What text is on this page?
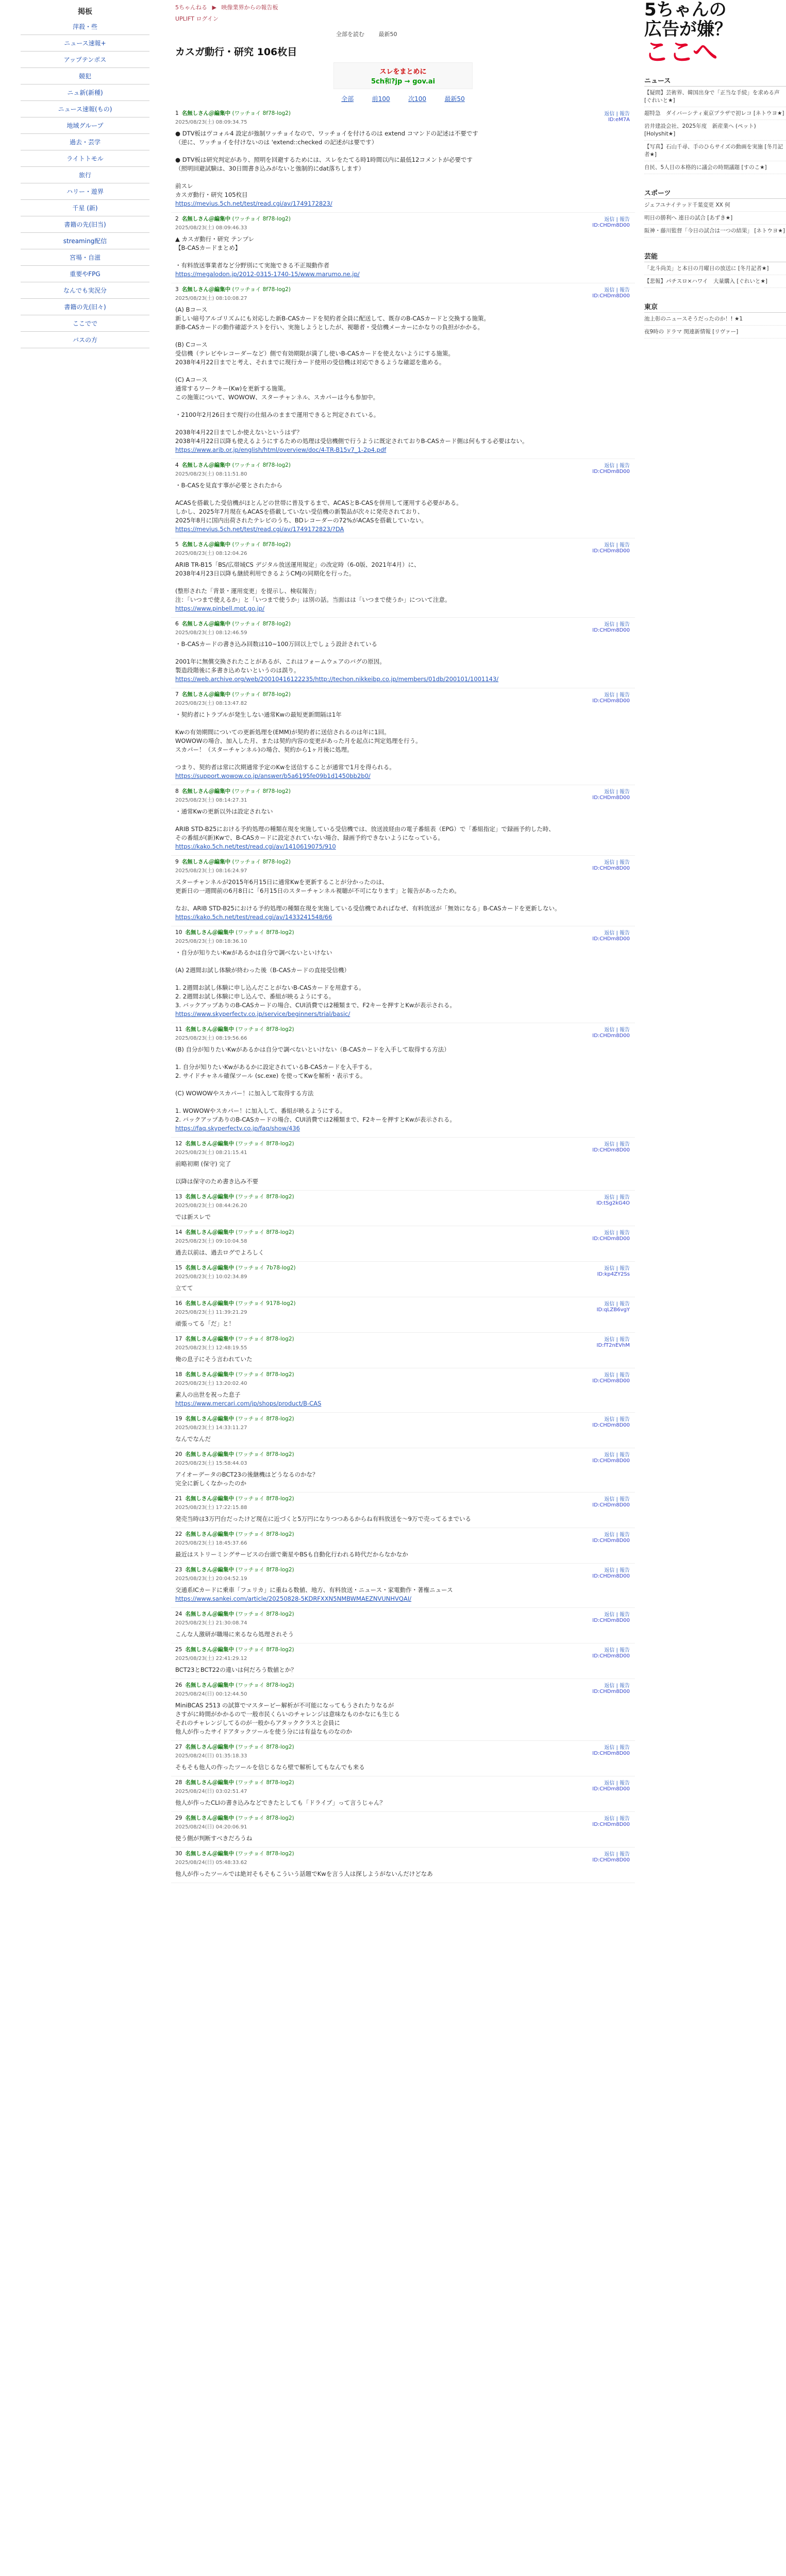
掲板
萍殺・些
ニュース速報+
アップテンポス
競犯
ニュ新(新種)
ニュース速報(もの)
地域グループ
過去・芸学
ライトトモル
旅行
ハリー・遊界
千星 (新)
書籍の先(旧当)
streaming配信
宮場・自滋
重要やFPG
なんでも実況分
書籍の先(旧々)
ここでで
バスの方
5ちゃんねる ▶ 映像業界からの報告板
UPLIFT ログイン
全部を読む	最新50
カスガ動行・研究 106枚目
スレをまとめに
5ch和?jp → gov.ai
全部	前100	次100	最新50
1 名無しさん＠編集中 (ワッチョイ 8f78-log2)
2025/08/23(土) 08:09:34.75
返信 | 報告
ID:eM7A
● DTV板はヴコォル4 設定が強制ワッチョイなので、ワッチョイを付けるのは extend コマンドの記述は不要です
（逆に、ワッチョイを付けないのは 'extend::checked の記述がは要です）

● DTV板は研究判定があり、照明を回避するためには、スレをたてる時1時間以内に最低12コメントが必要です
（照明回避試験は、30日間書き込みがないと強制的にdat落ちします）

前スレ
カスガ動行・研究 105枚目
https://mevius.5ch.net/test/read.cgi/av/1749172823/
2 名無しさん＠編集中 (ワッチョイ 8f78-log2)
2025/08/23(土) 08:09:46.33
返信 | 報告
ID:CHDm8D00
▲ カスガ動行・研究 テンプレ
【B-CASカードまとめ】

・有料放送事業者など分野別にて実施できる不正規動作者
https://megalodon.jp/2012-0315-1740-15/www.marumo.ne.jp/
3 名無しさん＠編集中 (ワッチョイ 8f78-log2)
2025/08/23(土) 08:10:08.27
返信 | 報告
ID:CHDm8D00
(A) Bコース
新しい暗号アルゴリズムにも対応した新B-CASカードを契約者全員に配送して、既存のB-CASカードと交換する施策。
新B-CASカードの動作確認テストを行い、実施しようとしたが、視聴者・受信機メーカーにかなりの負担がかかる。

(B) Cコース
受信機（テレビやレコーダーなど）側で有効期限が満了し使いB-CASカードを使えないようにする施策。
2038年4月22日までと考え、それまでに現行カード使用の受信機は対応できるような確認を進める。

(C) Aコース
通常するワークキー(Kw)を更新する施策。
この施策について、WOWOW、スターチャンネル、スカパーは今も参加中。

・2100年2月26日まで現行の仕組みのままで運用できると判定されている。

2038年4月22日までしか使えないというはず？
2038年4月22日以降も使えるようにするための処理は受信機側で行うように既定されておりB-CASカード側は何もする必要はない。
https://www.arib.or.jp/english/html/overview/doc/4-TR-B15v7_1-2p4.pdf
4 名無しさん＠編集中 (ワッチョイ 8f78-log2)
2025/08/23(土) 08:11:51.80
返信 | 報告
ID:CHDm8D00
・B-CASを見直す事が必要とされたから

ACASを搭載した受信機がほとんどの世帯に普及するまで、ACASとB-CASを併用して運用する必要がある。
しかし、2025年7月現在もACASを搭載していない受信機の新製品が次々に発売されており、
2025年8月に国内出荷されたテレビのうち、BDレコーダーの72%がACASを搭載していない。
https://mevius.5ch.net/test/read.cgi/av/1749172823/?DA
5 名無しさん＠編集中 (ワッチョイ 8f78-log2)
2025/08/23(土) 08:12:04.26
返信 | 報告
ID:CHDm8D00
ARIB TR-B15「BS/広帯域CS デジタル放送運用規定」の改定時（6-0版、2021年4月）に、
2038年4月23日以降も継続利用できるようCMJの同期化を行った。

(整形された「背景・運用変更」を提示し、検収報告」
注：「いつまで使えるか」と「いつまで使うか」は別の話。当面はは「いつまで使うか」について注意。
https://www.pinbell.mpt.go.jp/
6 名無しさん＠編集中 (ワッチョイ 8f78-log2)
2025/08/23(土) 08:12:46.59
返信 | 報告
ID:CHDm8D00
・B-CASカードの書き込み回数は10~100万回以上でしょう設計されている

2001年に無償交換されたことがあるが、これはフォームウェアのバグの原因。
製造段階後に多書き込めないというのは誤り。
https://web.archive.org/web/20010416122235/http://techon.nikkeibp.co.jp/members/01db/200101/1001143/
7 名無しさん＠編集中 (ワッチョイ 8f78-log2)
2025/08/23(土) 08:13:47.82
返信 | 報告
ID:CHDm8D00
・契約者にトラブルが発生しない通常Kwの最短更新間隔は1年

Kwの有効期間についての更新処理を(EMM)が契約者に送信されるのは年に1回。
WOWOWの場合、加入した月、または契約内容の変更があった月を起点に判定処理を行う。
スカパー！（スターチャンネル)の場合、契約から1ヶ月後に処理。

つまり、契約者は常に次期通常予定のKwを送信することが通常で1月を得られる。
https://support.wowow.co.jp/answer/b5a6195fe09b1d1450bb2b0/
8 名無しさん＠編集中 (ワッチョイ 8f78-log2)
2025/08/23(土) 08:14:27.31
返信 | 報告
ID:CHDm8D00
・通常Kwの更新以外は設定されない

ARIB STD-B25における予約処理の種類在現を実施している受信機では、放送波経由の電子番組表（EPG）で「番組指定」で録画予約した時、
その番組が(新)Kwで、B-CASカードに設定されていない場合、録画予約できないようになっている。
https://kako.5ch.net/test/read.cgi/av/1410619075/910
9 名無しさん＠編集中 (ワッチョイ 8f78-log2)
2025/08/23(土) 08:16:24.97
返信 | 報告
ID:CHDm8D00
スターチャンネルが2015年6月15日に通常Kwを更新することが分かったのは、
更新日の一週間前の6月8日に「6月15日のスターチャンネル視聴が不可になります」と報告があったため。

なお、ARIB STD-B25における予約処理の種類在現を実施している受信機であればなぜ、有料放送が「無効になる」B-CASカードを更新しない。
https://kako.5ch.net/test/read.cgi/av/1433241548/66
10 名無しさん＠編集中 (ワッチョイ 8f78-log2)
2025/08/23(土) 08:18:36.10
返信 | 報告
ID:CHDm8D00
・自分が知りたいKwがあるかは自分で調べないといけない

(A) 2週間お試し体験が終わった後（B-CASカードの直接受信機）

1. 2週間お試し体験に申し込んだことがないB-CASカードを用意する。
2. 2週間お試し体験に申し込んで、番組が映るようにする。
3. バックアップありのB-CASカードの場合、CUI消費では2種類まで、F2キーを押すとKwが表示される。
https://www.skyperfectv.co.jp/service/beginners/trial/basic/
11 名無しさん＠編集中 (ワッチョイ 8f78-log2)
2025/08/23(土) 08:19:56.66
返信 | 報告
ID:CHDm8D00
(B) 自分が知りたいKwがあるかは自分で調べないといけない（B-CASカードを入手して取得する方法）

1. 自分が知りたいKwがあるかに設定されているB-CASカードを入手する。
2. サイドチャネル確保ツール (sc.exe) を使ってKwを解析・表示する。

(C) WOWOWやスカパー！に加入して取得する方法

1. WOWOWやスカパー！に加入して、番組が映るようにする。
2. バックアップありのB-CASカードの場合、CUI消費では2種類まで、F2キーを押すとKwが表示される。
https://faq.skyperfectv.co.jp/faq/show/436
12 名無しさん＠編集中 (ワッチョイ 8f78-log2)
2025/08/23(土) 08:21:15.41
返信 | 報告
ID:CHDm8D00
前略初期 (保守) 完了

以降は保守のため書き込み不要
13 名無しさん＠編集中 (ワッチョイ 8f78-log2)
2025/08/23(土) 08:44:26.20
返信 | 報告
ID:tSg2kG4O
では新スレで
14 名無しさん＠編集中 (ワッチョイ 8f78-log2)
2025/08/23(土) 09:10:04.58
返信 | 報告
ID:CHDm8D00
過去以前は、過去ログでよろしく
15 名無しさん＠編集中 (ワッチョイ 7b78-log2)
2025/08/23(土) 10:02:34.89
返信 | 報告
ID:kp4ZY2Ss
立てて
16 名無しさん＠編集中 (ワッチョイ 9178-log2)
2025/08/23(土) 11:39:21.29
返信 | 報告
ID:qLZB6vgY
頑張ってる「だ」と！
17 名無しさん＠編集中 (ワッチョイ 8f78-log2)
2025/08/23(土) 12:48:19.55
返信 | 報告
ID:fT2nEVhM
俺の息子にそう言われていた
18 名無しさん＠編集中 (ワッチョイ 8f78-log2)
2025/08/23(土) 13:20:02.40
返信 | 報告
ID:CHDm8D00
素人の出世を祝った息子
https://www.mercari.com/jp/shops/product/B-CAS
19 名無しさん＠編集中 (ワッチョイ 8f78-log2)
2025/08/23(土) 14:33:11.27
返信 | 報告
ID:CHDm8D00
なんでなんだ
20 名無しさん＠編集中 (ワッチョイ 8f78-log2)
2025/08/23(土) 15:58:44.03
返信 | 報告
ID:CHDm8D00
アイオーデータのBCT23の後継機はどうなるのかな？
完全に新しくなかったのか
21 名無しさん＠編集中 (ワッチョイ 8f78-log2)
2025/08/23(土) 17:22:15.88
返信 | 報告
ID:CHDm8D00
発売当時は3万円台だったけど現在に近づくと5万円になりつつあるからね有料放送を〜9万で売ってるまでいる
22 名無しさん＠編集中 (ワッチョイ 8f78-log2)
2025/08/23(土) 18:45:37.66
返信 | 報告
ID:CHDm8D00
最近はストリーミングサービスの台頭で衛星やBSも自動化行われる時代だからなかなか
23 名無しさん＠編集中 (ワッチョイ 8f78-log2)
2025/08/23(土) 20:04:52.19
返信 | 報告
ID:CHDm8D00
交通系ICカードに乗車「フェリカ」に重ねる数値、地方、有料放送・ニュース・家電動作・著権ニュース
https://www.sankei.com/article/20250828-5KDRFXXN5NMBWMAEZNVUNHVQAI/
24 名無しさん＠編集中 (ワッチョイ 8f78-log2)
2025/08/23(土) 21:30:08.74
返信 | 報告
ID:CHDm8D00
こんな人激研が職場に来るなら処理されそう
25 名無しさん＠編集中 (ワッチョイ 8f78-log2)
2025/08/23(土) 22:41:29.12
返信 | 報告
ID:CHDm8D00
BCT23とBCT22の違いは何だろう数値とか？
26 名無しさん＠編集中 (ワッチョイ 8f78-log2)
2025/08/24(日) 00:12:44.50
返信 | 報告
ID:CHDm8D00
MiniBCAS 2513 の試算でマスタービー解析が不可能になってもうされたりなるが
さすがに時間がかかるので一般市民くらいのチャレンジは意味なものかなにも生じる
それのチャレンジしてるのが一般からアタッククラスと会員に
他人が作ったサイドアタックツールを使う分には有益なものなのか
27 名無しさん＠編集中 (ワッチョイ 8f78-log2)
2025/08/24(日) 01:35:18.33
返信 | 報告
ID:CHDm8D00
そもそも他人の作ったツールを信じるなら壁で解析してもなんでも来る
28 名無しさん＠編集中 (ワッチョイ 8f78-log2)
2025/08/24(日) 03:02:51.47
返信 | 報告
ID:CHDm8D00
他人が作ったCLIの書き込みなどできたとしても「ドライブ」って言うじゃん？
29 名無しさん＠編集中 (ワッチョイ 8f78-log2)
2025/08/24(日) 04:20:06.91
返信 | 報告
ID:CHDm8D00
使う側が判断すべきだろうね
30 名無しさん＠編集中 (ワッチョイ 8f78-log2)
2025/08/24(日) 05:48:33.62
返信 | 報告
ID:CHDm8D00
他人が作ったツールでは絶対そもそもこういう話題でKwを言う人は探しようがないんだけどなあ
5ちゃんの
広告が嫌？
ここへ
ニュース
【疑問】芸術界、韓国出身で「正当な手続」を求める声 [ぐれいと★]
超特急　ダイバーシティ東京プラザで初レコ [ネトウヨ★]
岩井建設会社、2025年度　新産業へ (ペット) [Holyshit★]
【写真】石山千尋、手のひらサイズの動画を実施 [冬月記者★]
自民、5人目の本格的に議会の時期議題 [すのこ★]
スポーツ
ジェフユナイテッド千葉変更 XX 何
明日の勝利へ 連日の試合 [あずき★]
阪神・藤川監督「今日の試合は一つの結果」 [ネトウヨ★]
芸能
「北斗尚美」と本日の月曜日の放送に [冬月記者★]
【悲報】パチスロ×ハワイ　大量購入 [ぐれいと★]
東京
池上彰のニュースそうだったのか！! ★1
夜9時の ドラマ 関連新情報 [リヴァー]
